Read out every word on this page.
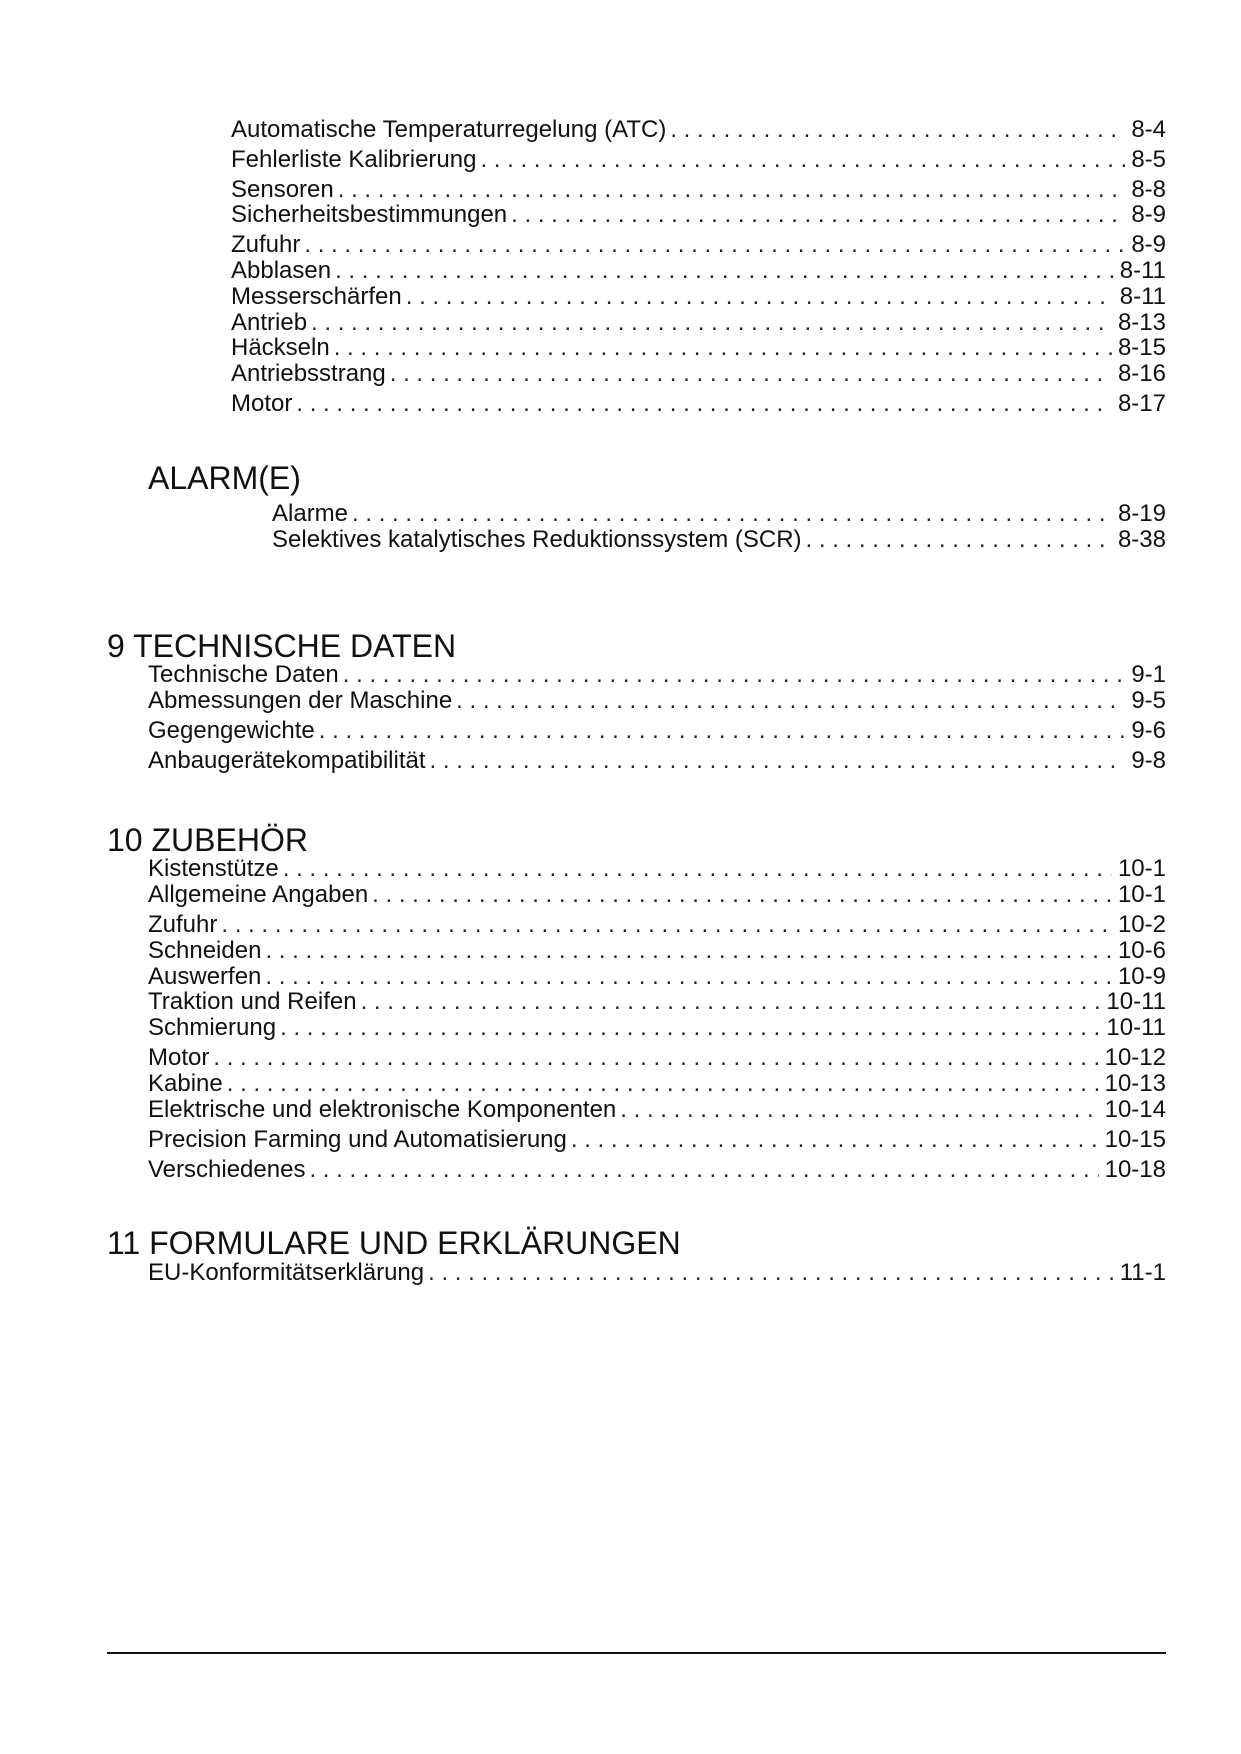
Automatische Temperaturregelung (ATC) . . .	8-4
Fehlerliste Kalibrierung . . .	8-5
Sensoren . . .	8-8
Sicherheitsbestimmungen . . .	8-9
Zufuhr . . .	8-9
Abblasen . . .	8-11
Messerschärfen . . .	8-11
Antrieb . . .	8-13
Häckseln . . .	8-15
Antriebsstrang . . .	8-16
Motor . . .	8-17
ALARM(E)
Alarme . . .	8-19
Selektives katalytisches Reduktionssystem (SCR) . . .	8-38
9 TECHNISCHE DATEN
Technische Daten . . .	9-1
Abmessungen der Maschine . . .	9-5
Gegengewichte . . .	9-6
Anbaugerätekompatibilität . . .	9-8
10 ZUBEHÖR
Kistenstütze . . .	10-1
Allgemeine Angaben . . .	10-1
Zufuhr . . .	10-2
Schneiden . . .	10-6
Auswerfen . . .	10-9
Traktion und Reifen . . .	10-11
Schmierung . . .	10-11
Motor . . .	10-12
Kabine . . .	10-13
Elektrische und elektronische Komponenten . . .	10-14
Precision Farming und Automatisierung . . .	10-15
Verschiedenes . . .	10-18
11 FORMULARE UND ERKLÄRUNGEN
EU-Konformitätserklärung . . .	11-1
